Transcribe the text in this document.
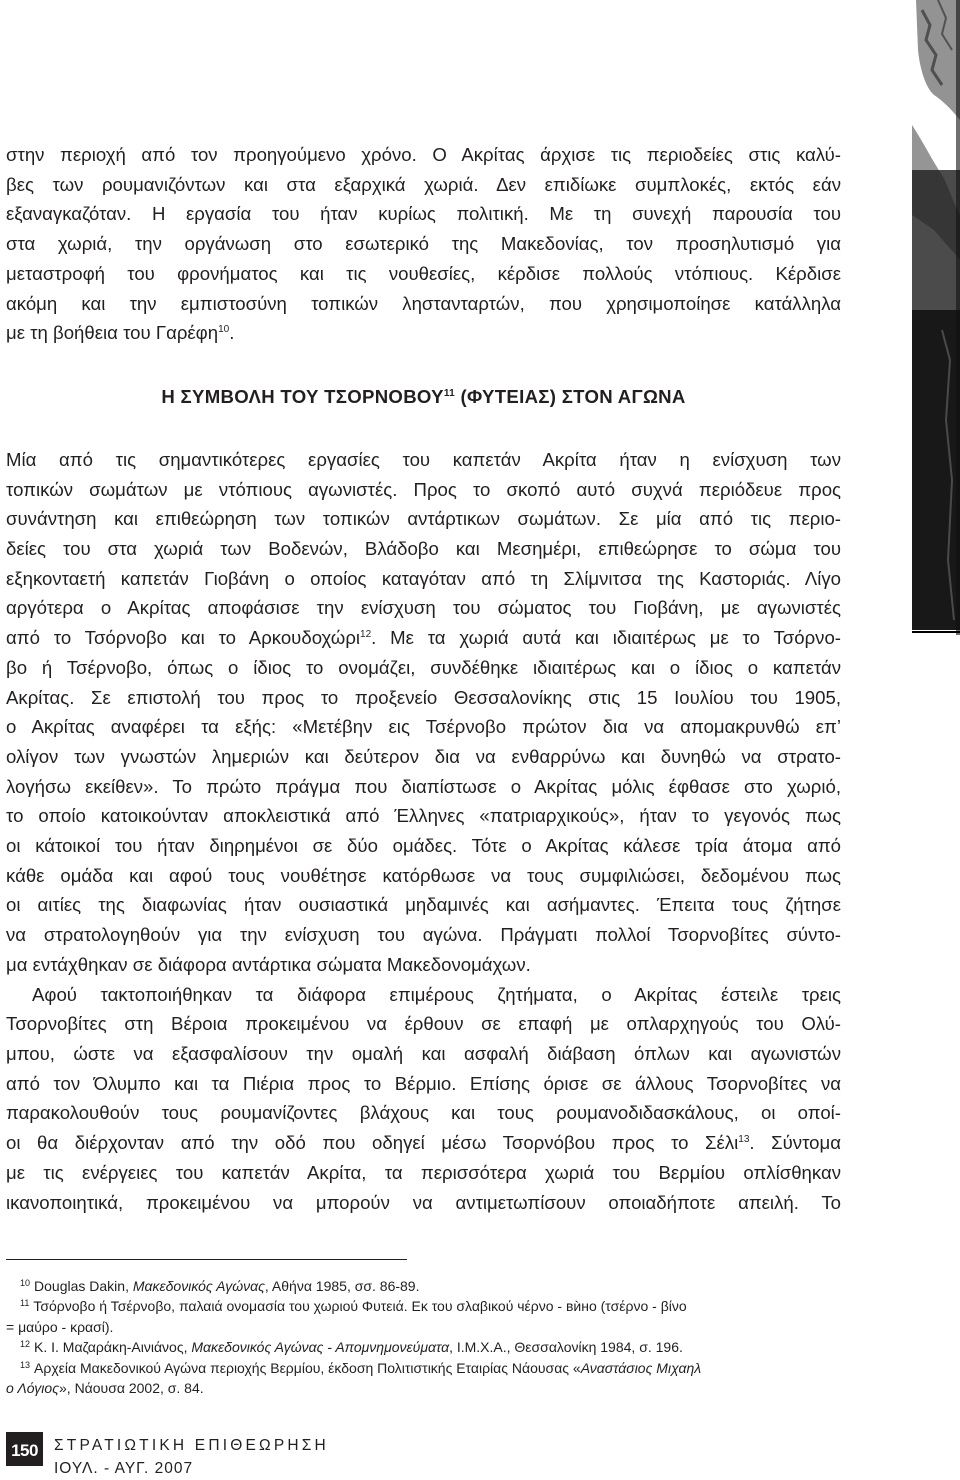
στην περιοχή από τον προηγούμενο χρόνο. Ο Ακρίτας άρχισε τις περιοδείες στις καλύ-
βες των ρουμανιζόντων και στα εξαρχικά χωριά. Δεν επιδίωκε συμπλοκές, εκτός εάν
εξαναγκαζόταν. Η εργασία του ήταν κυρίως πολιτική. Με τη συνεχή παρουσία του
στα χωριά, την οργάνωση στο εσωτερικό της Μακεδονίας, τον προσηλυτισμό για
μεταστροφή του φρονήματος και τις νουθεσίες, κέρδισε πολλούς ντόπιους. Κέρδισε
ακόμη και την εμπιστοσύνη τοπικών ληστανταρτών, που χρησιμοποίησε κατάλληλα
με τη βοήθεια του Γαρέφη$^{10}$.

Η ΣΥΜΒΟΛΗ ΤΟΥ ΤΣΟΡΝΟΒΟΥ$^{11}$ (ΦΥΤΕΙΑΣ) ΣΤΟΝ ΑΓΩΝΑ

Μία από τις σημαντικότερες εργασίες του καπετάν Ακρίτα ήταν η ενίσχυση των
τοπικών σωμάτων με ντόπιους αγωνιστές. Προς το σκοπό αυτό συχνά περιόδευε προς
συνάντηση και επιθεώρηση των τοπικών αντάρτικων σωμάτων. Σε μία από τις περιο-
δείες του στα χωριά των Βοδενών, Βλάδοβο και Μεσημέρι, επιθεώρησε το σώμα του
εξηκονταετή καπετάν Γιοβάνη ο οποίος καταγόταν από τη Σλίμνιτσα της Καστοριάς. Λίγο
αργότερα ο Ακρίτας αποφάσισε την ενίσχυση του σώματος του Γιοβάνη, με αγωνιστές
από το Τσόρνοβο και το Αρκουδοχώρι$^{12}$. Με τα χωριά αυτά και ιδιαιτέρως με το Τσόρνο-
βο ή Τσέρνοβο, όπως ο ίδιος το ονομάζει, συνδέθηκε ιδιαιτέρως και ο ίδιος ο καπετάν
Ακρίτας. Σε επιστολή του προς το προξενείο Θεσσαλονίκης στις 15 Ιουλίου του 1905,
ο Ακρίτας αναφέρει τα εξής: «Μετέβην εις Τσέρνοβο πρώτον δια να απομακρυνθώ επ’
ολίγον των γνωστών λημεριών και δεύτερον δια να ενθαρρύνω και δυνηθώ να στρατο-
λογήσω εκείθεν». Το πρώτο πράγμα που διαπίστωσε ο Ακρίτας μόλις έφθασε στο χωριό,
το οποίο κατοικούνταν αποκλειστικά από Έλληνες «πατριαρχικούς», ήταν το γεγονός πως
οι κάτοικοί του ήταν διηρημένοι σε δύο ομάδες. Τότε ο Ακρίτας κάλεσε τρία άτομα από
κάθε ομάδα και αφού τους νουθέτησε κατόρθωσε να τους συμφιλιώσει, δεδομένου πως
οι αιτίες της διαφωνίας ήταν ουσιαστικά μηδαμινές και ασήμαντες. Έπειτα τους ζήτησε
να στρατολογηθούν για την ενίσχυση του αγώνα. Πράγματι πολλοί Τσορνοβίτες σύντο-
μα εντάχθηκαν σε διάφορα αντάρτικα σώματα Μακεδονομάχων.

Αφού τακτοποιήθηκαν τα διάφορα επιμέρους ζητήματα, ο Ακρίτας έστειλε τρεις
Τσορνοβίτες στη Βέροια προκειμένου να έρθουν σε επαφή με οπλαρχηγούς του Ολύ-
μπου, ώστε να εξασφαλίσουν την ομαλή και ασφαλή διάβαση όπλων και αγωνιστών
από τον Όλυμπο και τα Πιέρια προς το Βέρμιο. Επίσης όρισε σε άλλους Τσορνοβίτες να
παρακολουθούν τους ρουμανίζοντες βλάχους και τους ρουμανοδιδασκάλους, οι οποί-
οι θα διέρχονταν από την οδό που οδηγεί μέσω Τσορνόβου προς το Σέλι$^{13}$. Σύντομα
με τις ενέργειες του καπετάν Ακρίτα, τα περισσότερα χωριά του Βερμίου οπλίσθηκαν
ικανοποιητικά, προκειμένου να μπορούν να αντιμετωπίσουν οποιαδήποτε απειλή. Το

$^{10}$ Douglas Dakin, Μακεδονικός Αγώνας, Αθήνα 1985, σσ. 86-89.
$^{11}$ Τσόρνοβο ή Τσέρνοβο, παλαιά ονομασία του χωριού Φυτειά. Εκ του σλαβικού чέρνο - вѝно (τσέρνο - βίνο
= μαύρο - κρασί).
$^{12}$ Κ. Ι. Μαζαράκη-Αινιάνος, Μακεδονικός Αγώνας - Απομνημονεύματα, Ι.Μ.Χ.Α., Θεσσαλονίκη 1984, σ. 196.
$^{13}$ Αρχεία Μακεδονικού Αγώνα περιοχής Βερμίου, έκδοση Πολιτιστικής Εταιρίας Νάουσας «Αναστάσιος Μιχαηλ
ο Λόγιος», Νάουσα 2002, σ. 84.
150	ΣΤΡΑΤΙΩΤΙΚΗ ΕΠΙΘΕΩΡΗΣΗ
ΙΟΥΛ. - ΑΥΓ. 2007
